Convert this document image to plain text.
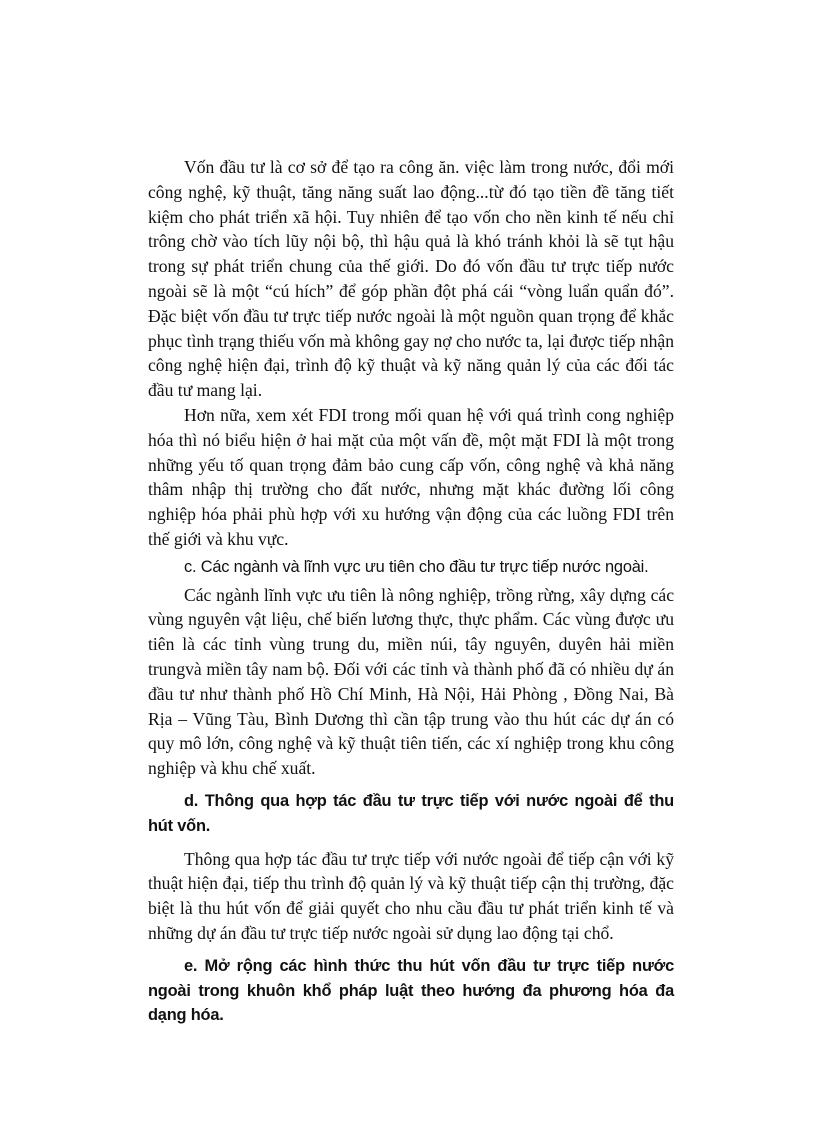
Vốn đầu tư là cơ sở để tạo ra công ăn. việc làm trong nước, đổi mới công nghệ, kỹ thuật, tăng năng suất lao động...từ đó tạo tiền đề tăng tiết kiệm cho phát triển xã hội. Tuy nhiên để tạo vốn cho nền kinh tế nếu chỉ trông chờ vào tích lũy nội bộ, thì hậu quả là khó tránh khỏi là sẽ tụt hậu trong sự phát triển chung của thế giới. Do đó vốn đầu tư trực tiếp nước ngoài sẽ là một “cú hích” để góp phần đột phá cái “vòng luẩn quẩn đó”. Đặc biệt vốn đầu tư trực tiếp nước ngoài là một nguồn quan trọng để khắc phục tình trạng thiếu vốn mà không gay nợ cho nước ta, lại được tiếp nhận công nghệ hiện đại, trình độ kỹ thuật và kỹ năng quản lý của các đối tác đầu tư mang lại.

Hơn nữa, xem xét FDI trong mối quan hệ với quá trình cong nghiệp hóa thì nó biểu hiện ở hai mặt của một vấn đề, một mặt FDI là một trong những yếu tố quan trọng đảm bảo cung cấp vốn, công nghệ và khả năng thâm nhập thị trường cho đất nước, nhưng mặt khác đường lối công nghiệp hóa phải phù hợp với xu hướng vận động của các luồng FDI trên thế giới và khu vực.

c. Các ngành và lĩnh vực ưu tiên cho đầu tư trực tiếp nước ngoài.

Các ngành lĩnh vực ưu tiên là nông nghiệp, trồng rừng, xây dựng các vùng nguyên vật liệu, chế biến lương thực, thực phẩm. Các vùng được ưu tiên là các tỉnh vùng trung du, miền núi, tây nguyên, duyên hải miền trungvà miền tây nam bộ. Đối với các tỉnh và thành phố đã có nhiều dự án đầu tư như thành phố Hồ Chí Minh, Hà Nội, Hải Phòng , Đồng Nai, Bà Rịa – Vũng Tàu, Bình Dương thì cần tập trung vào thu hút các dự án có quy mô lớn, công nghệ và kỹ thuật tiên tiến, các xí nghiệp trong khu công nghiệp và khu chế xuất.

d. Thông qua hợp tác đầu tư trực tiếp với nước ngoài để thu hút vốn.

Thông qua hợp tác đầu tư trực tiếp với nước ngoài để tiếp cận với kỹ thuật hiện đại, tiếp thu trình độ quản lý và kỹ thuật tiếp cận thị trường, đặc biệt là thu hút vốn để giải quyết cho nhu cầu đầu tư phát triển kinh tế và những dự án đầu tư trực tiếp nước ngoài sử dụng lao động tại chổ.

e. Mở rộng các hình thức thu hút vốn đầu tư trực tiếp nước ngoài trong khuôn khổ pháp luật theo hướng đa phương hóa đa dạng hóa.
